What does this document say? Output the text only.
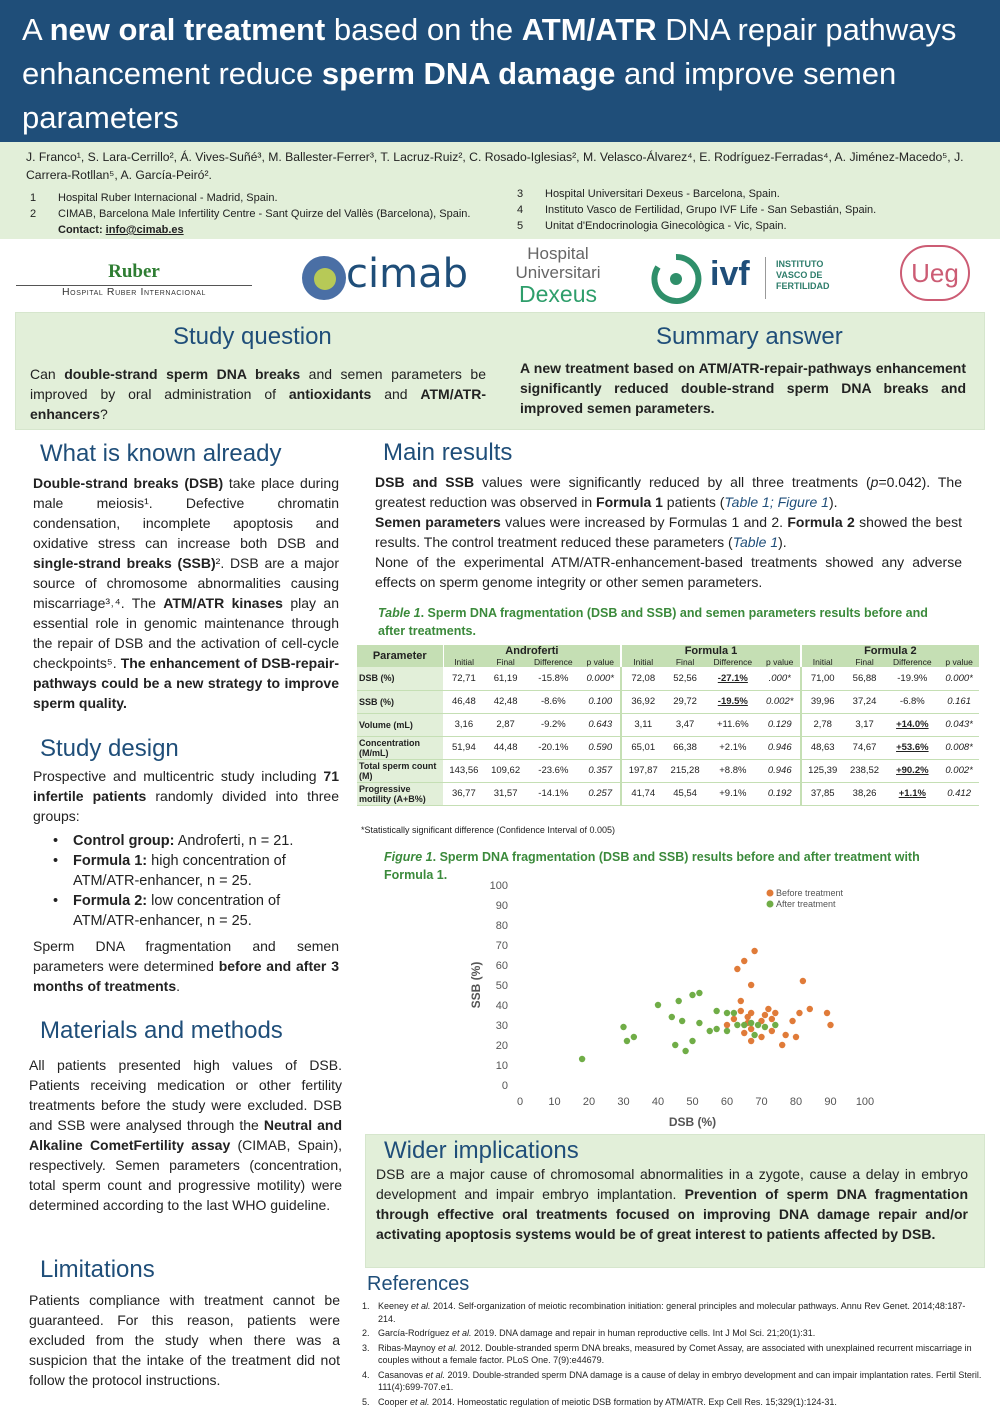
A new oral treatment based on the ATM/ATR DNA repair pathways enhancement reduce sperm DNA damage and improve semen parameters
J. Franco¹, S. Lara-Cerrillo², Á. Vives-Suñé³, M. Ballester-Ferrer³, T. Lacruz-Ruiz², C. Rosado-Iglesias², M. Velasco-Álvarez⁴, E. Rodríguez-Ferradas⁴, A. Jiménez-Macedo⁵, J. Carrera-Rotllan⁵, A. García-Peiró².
1	Hospital Ruber Internacional - Madrid, Spain.
2	CIMAB, Barcelona Male Infertility Centre - Sant Quirze del Vallès (Barcelona), Spain. Contact: info@cimab.es
3	Hospital Universitari Dexeus - Barcelona, Spain.
4	Instituto Vasco de Fertilidad, Grupo IVF Life - San Sebastián, Spain.
5	Unitat d'Endocrinologia Ginecològica - Vic, Spain.
Ruber
Hospital Ruber Internacional	cimab	Hospital
Universitari
Dexeus
ivf	INSTITUTO
VASCO DE
FERTILIDAD	Ueg
Study question
Can double-strand sperm DNA breaks and semen parameters be improved by oral administration of antioxidants and ATM/ATR-enhancers?
Summary answer
A new treatment based on ATM/ATR-repair-pathways enhancement significantly reduced double-strand sperm DNA breaks and improved semen parameters.
What is known already
Double-strand breaks (DSB) take place during male meiosis¹. Defective chromatin condensation, incomplete apoptosis and oxidative stress can increase both DSB and single-strand breaks (SSB)². DSB are a major source of chromosome abnormalities causing miscarriage³˒⁴. The ATM/ATR kinases play an essential role in genomic maintenance through the repair of DSB and the activation of cell-cycle checkpoints⁵. The enhancement of DSB-repair-pathways could be a new strategy to improve sperm quality.
Study design
Prospective and multicentric study including 71 infertile patients randomly divided into three groups:
• Control group: Androferti, n = 21.
• Formula 1: high concentration of ATM/ATR-enhancer, n = 25.
• Formula 2: low concentration of ATM/ATR-enhancer, n = 25.
Sperm DNA fragmentation and semen parameters were determined before and after 3 months of treatments.
Materials and methods
All patients presented high values of DSB. Patients receiving medication or other fertility treatments before the study were excluded. DSB and SSB were analysed through the Neutral and Alkaline CometFertility assay (CIMAB, Spain), respectively. Semen parameters (concentration, total sperm count and progressive motility) were determined according to the last WHO guideline.
Limitations
Patients compliance with treatment cannot be guaranteed. For this reason, patients were excluded from the study when there was a suspicion that the intake of the treatment did not follow the protocol instructions.
Main results
DSB and SSB values were significantly reduced by all three treatments (p=0.042). The greatest reduction was observed in Formula 1 patients (Table 1; Figure 1).
Semen parameters values were increased by Formulas 1 and 2. Formula 2 showed the best results. The control treatment reduced these parameters (Table 1).
None of the experimental ATM/ATR-enhancement-based treatments showed any adverse effects on sperm genome integrity or other semen parameters.
Table 1. Sperm DNA fragmentation (DSB and SSB) and semen parameters results before and after treatments.
Parameter	Androferti				Formula 1				Formula 2			
	Initial	Final	Difference	p value	Initial	Final	Difference	p value	Initial	Final	Difference	p value
DSB (%)	72,71	61,19	-15.8%	0.000*	72,08	52,56	-27.1%	.000*	71,00	56,88	-19.9%	0.000*
SSB (%)	46,48	42,48	-8.6%	0.100	36,92	29,72	-19.5%	0.002*	39,96	37,24	-6.8%	0.161
Volume (mL)	3,16	2,87	-9.2%	0.643	3,11	3,47	+11.6%	0.129	2,78	3,17	+14.0%	0.043*
Concentration (M/mL)	51,94	44,48	-20.1%	0.590	65,01	66,38	+2.1%	0.946	48,63	74,67	+53.6%	0.008*
Total sperm count (M)	143,56	109,62	-23.6%	0.357	197,87	215,28	+8.8%	0.946	125,39	238,52	+90.2%	0.002*
Progressive motility (A+B%)	36,77	31,57	-14.1%	0.257	41,74	45,54	+9.1%	0.192	37,85	38,26	+1.1%	0.412
*Statistically significant difference (Confidence Interval of 0.005)
Figure 1. Sperm DNA fragmentation (DSB and SSB) results before and after treatment with Formula 1.
0
10
20
30
40
50
60
70
80
90
100
0 10 20 30 40 50 60 70 80 90 100
DSB (%)
SSB (%)
Before treatment
After treatment
Wider implications
DSB are a major cause of chromosomal abnormalities in a zygote, cause a delay in embryo development and impair embryo implantation. Prevention of sperm DNA fragmentation through effective oral treatments focused on improving DNA damage repair and/or activating apoptosis systems would be of great interest to patients affected by DSB.
References
1. Keeney et al. 2014. Self-organization of meiotic recombination initiation: general principles and molecular pathways. Annu Rev Genet. 2014;48:187-214.
2. García-Rodríguez et al. 2019. DNA damage and repair in human reproductive cells. Int J Mol Sci. 21;20(1):31.
3. Ribas-Maynoy et al. 2012. Double-stranded sperm DNA breaks, measured by Comet Assay, are associated with unexplained recurrent miscarriage in couples without a female factor. PLoS One. 7(9):e44679.
4. Casanovas et al. 2019. Double-stranded sperm DNA damage is a cause of delay in embryo development and can impair implantation rates. Fertil Steril. 111(4):699-707.e1.
5. Cooper et al. 2014. Homeostatic regulation of meiotic DSB formation by ATM/ATR. Exp Cell Res. 15;329(1):124-31.
